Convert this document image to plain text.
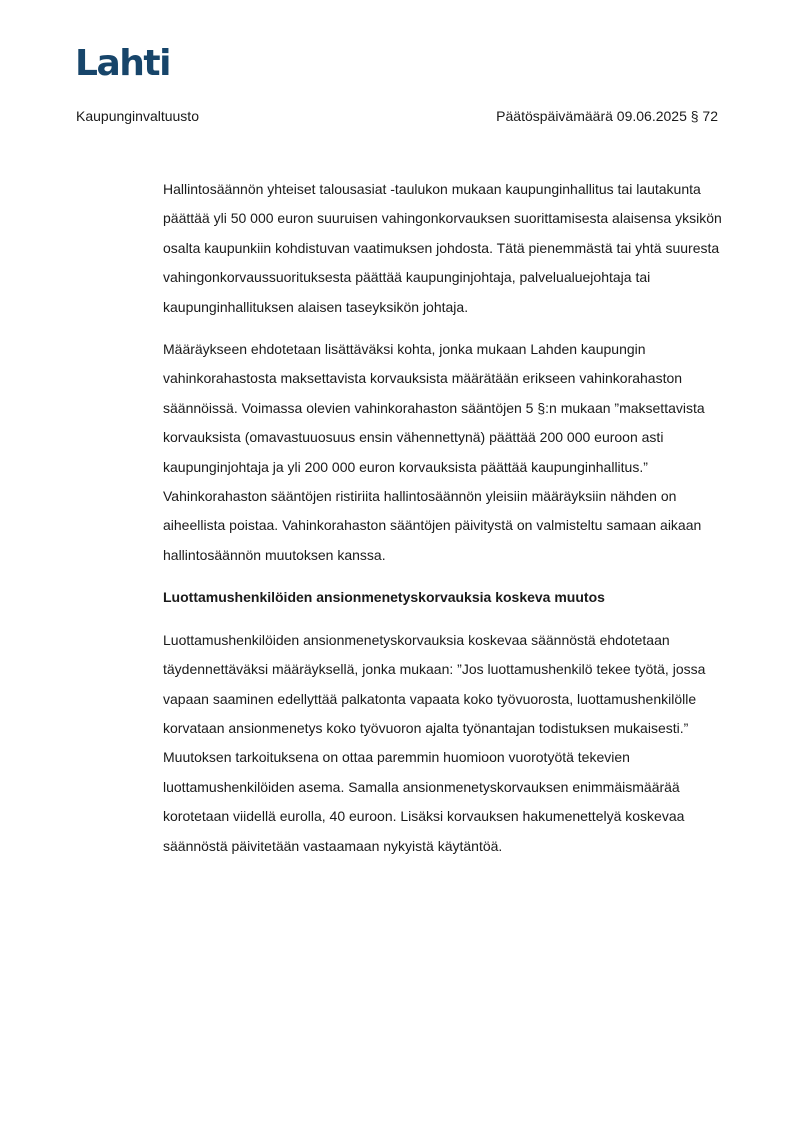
Lahti
Kaupunginvaltuusto	Päätöspäivämäärä 09.06.2025 § 72

Hallintosäännön yhteiset talousasiat -taulukon mukaan kaupunginhallitus tai lautakunta päättää yli 50 000 euron suuruisen vahingonkorvauksen suorittamisesta alaisensa yksikön osalta kaupunkiin kohdistuvan vaatimuksen johdosta. Tätä pienemmästä tai yhtä suuresta vahingonkorvaussuorituksesta päättää kaupunginjohtaja, palvelualuejohtaja tai kaupunginhallituksen alaisen taseyksikön johtaja.

Määräykseen ehdotetaan lisättäväksi kohta, jonka mukaan Lahden kaupungin vahinkorahastosta maksettavista korvauksista määrätään erikseen vahinkorahaston säännöissä. Voimassa olevien vahinkorahaston sääntöjen 5 §:n mukaan ”maksettavista korvauksista (omavastuuosuus ensin vähennettynä) päättää 200 000 euroon asti kaupunginjohtaja ja yli 200 000 euron korvauksista päättää kaupunginhallitus.” Vahinkorahaston sääntöjen ristiriita hallintosäännön yleisiin määräyksiin nähden on aiheellista poistaa. Vahinkorahaston sääntöjen päivitystä on valmisteltu samaan aikaan hallintosäännön muutoksen kanssa.

Luottamushenkilöiden ansionmenetyskorvauksia koskeva muutos

Luottamushenkilöiden ansionmenetyskorvauksia koskevaa säännöstä ehdotetaan täydennettäväksi määräyksellä, jonka mukaan: ”Jos luottamushenkilö tekee työtä, jossa vapaan saaminen edellyttää palkatonta vapaata koko työvuorosta, luottamushenkilölle korvataan ansionmenetys koko työvuoron ajalta työnantajan todistuksen mukaisesti.” Muutoksen tarkoituksena on ottaa paremmin huomioon vuorotyötä tekevien luottamushenkilöiden asema. Samalla ansionmenetyskorvauksen enimmäismäärää korotetaan viidellä eurolla, 40 euroon. Lisäksi korvauksen hakumenettelyä koskevaa säännöstä päivitetään vastaamaan nykyistä käytäntöä.
